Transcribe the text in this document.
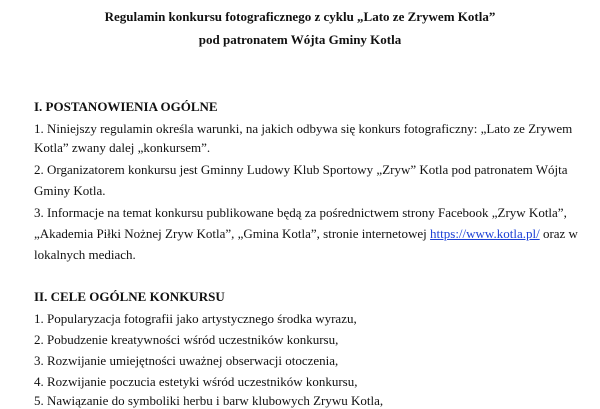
Regulamin konkursu fotograficznego z cyklu „Lato ze Zrywem Kotla”
pod patronatem Wójta Gminy Kotla
I. POSTANOWIENIA OGÓLNE
1. Niniejszy regulamin określa warunki, na jakich odbywa się konkurs fotograficzny: „Lato ze Zrywem
Kotla” zwany dalej „konkursem”.
2. Organizatorem konkursu jest Gminny Ludowy Klub Sportowy „Zryw” Kotla pod patronatem Wójta
Gminy Kotla.
3. Informacje na temat konkursu publikowane będą za pośrednictwem strony Facebook „Zryw Kotla”,
„Akademia Piłki Nożnej Zryw Kotla”, „Gmina Kotla”, stronie internetowej https://www.kotla.pl/ oraz w
lokalnych mediach.
II. CELE OGÓLNE KONKURSU
1. Popularyzacja fotografii jako artystycznego środka wyrazu,
2. Pobudzenie kreatywności wśród uczestników konkursu,
3. Rozwijanie umiejętności uważnej obserwacji otoczenia,
4. Rozwijanie poczucia estetyki wśród uczestników konkursu,
5. Nawiązanie do symboliki herbu i barw klubowych Zrywu Kotla,
